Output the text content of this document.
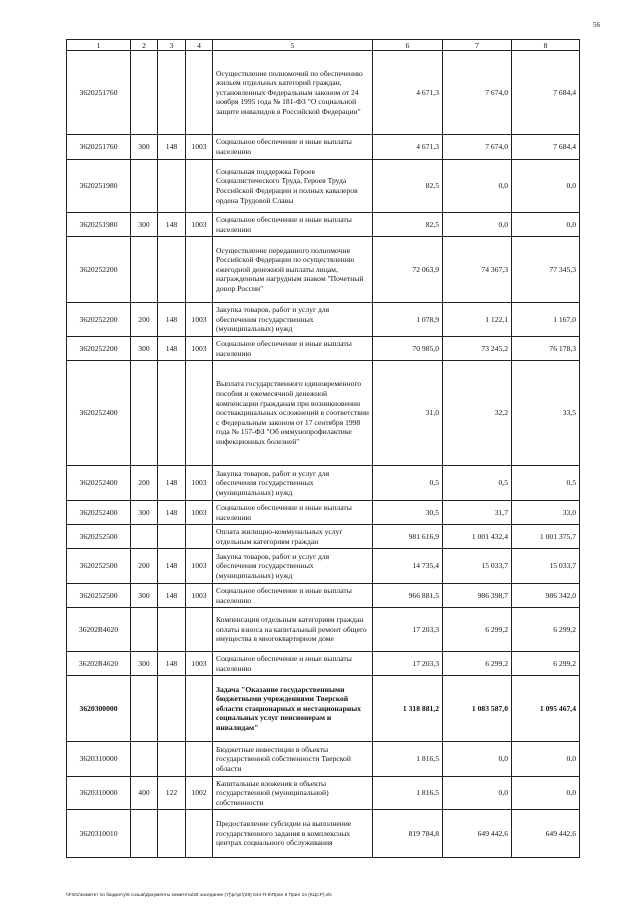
56
1	2	3	4	5	6	7	8
3620251760				Осуществление полномочий по обеспечению жильем отдельных категорий граждан, установленных Федеральным законом от 24 ноября 1995 года № 181-ФЗ "О социальной защите инвалидов в Российской Федерации"	4 671,3	7 674,0	7 684,4
3620251760	300	148	1003	Социальное обеспечение и иные выплаты населению	4 671,3	7 674,0	7 684,4
3620251980				Социальная поддержка Героев Социалистического Труда, Героев Труда Российской Федерации и полных кавалеров ордена Трудовой Славы	82,5	0,0	0,0
3620251980	300	148	1003	Социальное обеспечение и иные выплаты населению	82,5	0,0	0,0
3620252200				Осуществление переданного полномочия Российской Федерации по осуществлению ежегодной денежной выплаты лицам, награжденным нагрудным знаком "Почетный донор России"	72 063,9	74 367,3	77 345,3
3620252200	200	148	1003	Закупка товаров, работ и услуг для обеспечения государственных (муниципальных) нужд	1 078,9	1 122,1	1 167,0
3620252200	300	148	1003	Социальное обеспечение и иные выплаты населению	70 985,0	73 245,2	76 178,3
3620252400				Выплата государственного единовременного пособия и ежемесячной денежной компенсации гражданам при возникновении поствакцинальных осложнений в соответствии с Федеральным законом от 17 сентября 1998 года № 157-ФЗ "Об иммунопрофилактике инфекционных болезней"	31,0	32,2	33,5
3620252400	200	148	1003	Закупка товаров, работ и услуг для обеспечения государственных (муниципальных) нужд	0,5	0,5	0,5
3620252400	300	148	1003	Социальное обеспечение и иные выплаты населению	30,5	31,7	33,0
3620252500				Оплата жилищно-коммунальных услуг отдельным категориям граждан	981 616,9	1 001 432,4	1 001 375,7
3620252500	200	148	1003	Закупка товаров, работ и услуг для обеспечения государственных (муниципальных) нужд	14 735,4	15 033,7	15 033,7
3620252500	300	148	1003	Социальное обеспечение и иные выплаты населению	966 881,5	986 398,7	986 342,0
36202R4620				Компенсация отдельным категориям граждан оплаты взноса на капитальный ремонт общего имущества в многоквартирном доме	17 203,3	6 299,2	6 299,2
36202R4620	300	148	1003	Социальное обеспечение и иные выплаты населению	17 203,3	6 299,2	6 299,2
3620300000				Задача "Оказание государственными бюджетными учреждениями Тверской области стационарных и нестационарных социальных услуг пенсионерам и инвалидам"	1 318 881,2	1 083 587,0	1 095 467,4
3620310000				Бюджетные инвестиции в объекты государственной собственности Тверской области	1 816,5	0,0	0,0
3620310000	400	122	1002	Капитальные вложения в объекты государственной (муниципальной) собственности	1 816,5	0,0	0,0
3620310010				Предоставление субсидии на выполнение государственного задания в комплексных центрах социального обслуживания	819 784,8	649 442,6	649 442,6
\\Fs01\комитет по бюджету\6 созыв\Документы комитета\28 заседание (7)\рг\рг\(28) 544-П-6\Прил 8 Прил 14 (КЦСР).xls
